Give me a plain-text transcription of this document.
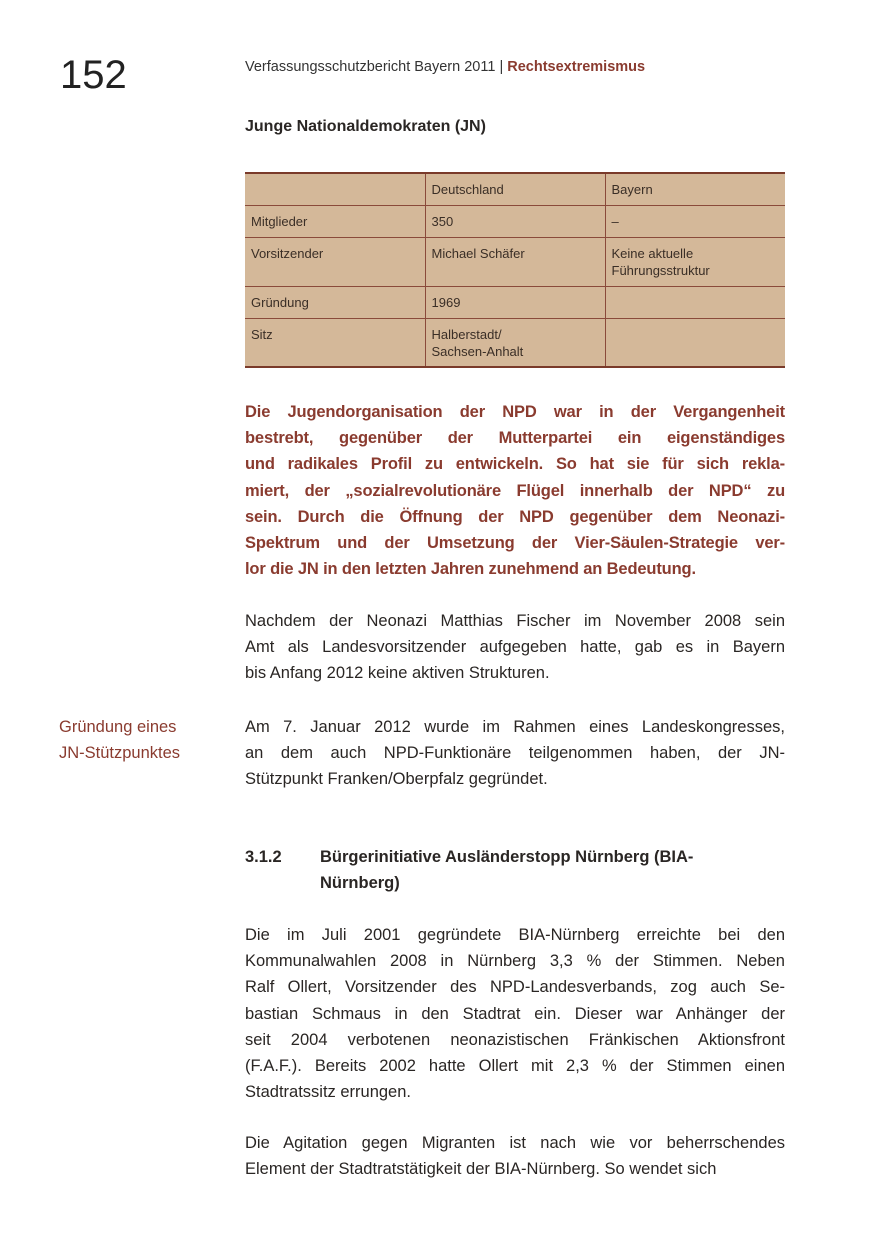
152	Verfassungsschutzbericht Bayern 2011 | Rechtsextremismus
Junge Nationaldemokraten (JN)
	Deutschland	Bayern
Mitglieder	350	–
Vorsitzender	Michael Schäfer	Keine aktuelle
Führungsstruktur
Gründung	1969	
Sitz	Halberstadt/
Sachsen-Anhalt	
Die Jugendorganisation der NPD war in der Vergangenheit
bestrebt, gegenüber der Mutterpartei ein eigenständiges
und radikales Profil zu entwickeln. So hat sie für sich rekla-
miert, der „sozialrevolutionäre Flügel innerhalb der NPD“ zu
sein. Durch die Öffnung der NPD gegenüber dem Neonazi-
Spektrum und der Umsetzung der Vier-Säulen-Strategie ver-
lor die JN in den letzten Jahren zunehmend an Bedeutung.
Nachdem der Neonazi Matthias Fischer im November 2008 sein
Amt als Landesvorsitzender aufgegeben hatte, gab es in Bayern
bis Anfang 2012 keine aktiven Strukturen.
Am 7. Januar 2012 wurde im Rahmen eines Landeskongresses,
an dem auch NPD-Funktionäre teilgenommen haben, der JN-
Stützpunkt Franken/Oberpfalz gegründet.
Die im Juli 2001 gegründete BIA-Nürnberg erreichte bei den
Kommunalwahlen 2008 in Nürnberg 3,3 % der Stimmen. Neben
Ralf Ollert, Vorsitzender des NPD-Landesverbands, zog auch Se-
bastian Schmaus in den Stadtrat ein. Dieser war Anhänger der
seit 2004 verbotenen neonazistischen Fränkischen Aktionsfront
(F.A.F.). Bereits 2002 hatte Ollert mit 2,3 % der Stimmen einen
Stadtratssitz errungen.
Die Agitation gegen Migranten ist nach wie vor beherrschendes
Element der Stadtratstätigkeit der BIA-Nürnberg. So wendet sich
Gründung eines
JN-Stützpunktes
3.1.2 Bürgerinitiative Ausländerstopp Nürnberg (BIA-
Nürnberg)
